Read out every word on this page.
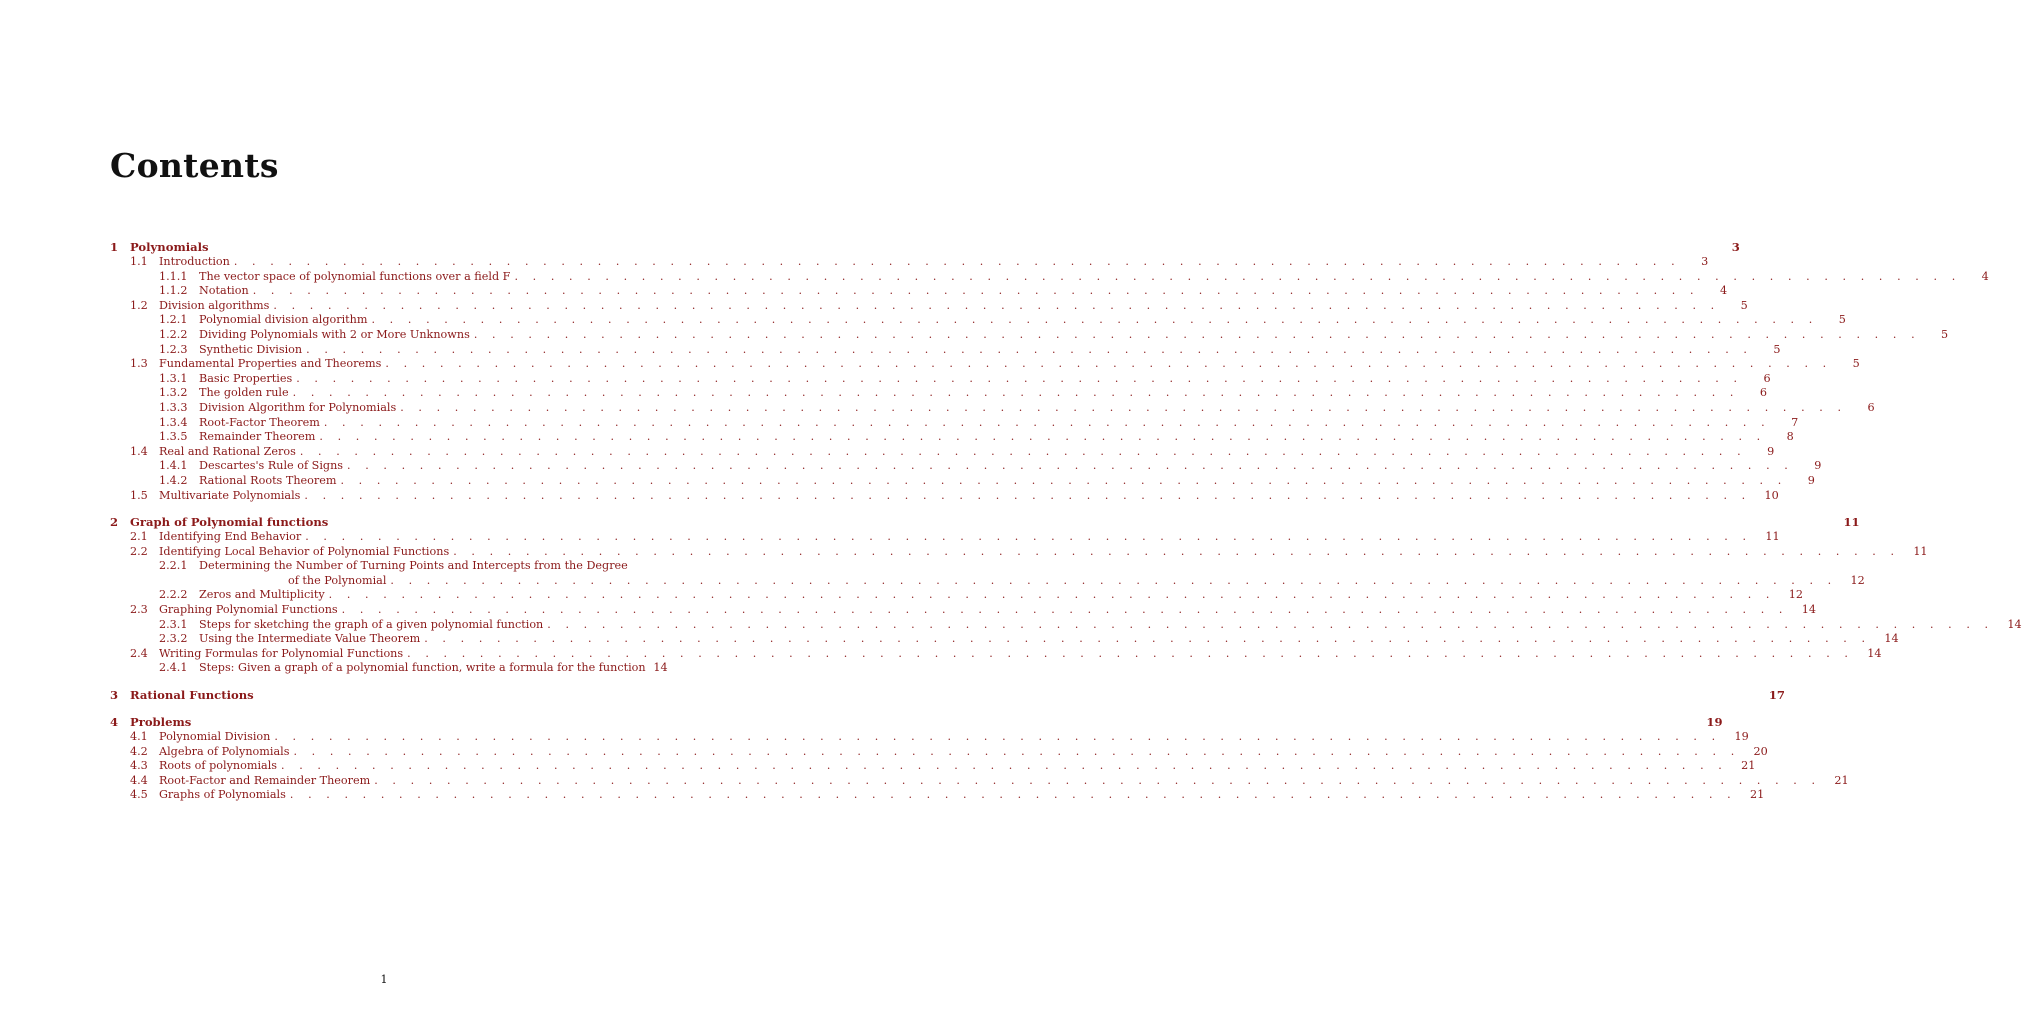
Contents
1	Polynomials	3
1.1	Introduction . . . . . . . . . . . . . . . . . . . . . . . . . . . . . . . . . . . . . . . . . . . . . . . . . . . . . . . . . . . . . . . . . . . . . . . . . . . . . . . .	3
1.1.1	The vector space of polynomial functions over a field F . . . . . . . . . . . . . . . . . . . . . . . . . . . . . . . . . . . . . . . . . . . . . . . . . . . . . . . . . . . . . . . . . . . . . . . . . . . . . . . .	4
1.1.2	Notation . . . . . . . . . . . . . . . . . . . . . . . . . . . . . . . . . . . . . . . . . . . . . . . . . . . . . . . . . . . . . . . . . . . . . . . . . . . . . . . .	4
1.2	Division algorithms . . . . . . . . . . . . . . . . . . . . . . . . . . . . . . . . . . . . . . . . . . . . . . . . . . . . . . . . . . . . . . . . . . . . . . . . . . . . . . . .	5
1.2.1	Polynomial division algorithm . . . . . . . . . . . . . . . . . . . . . . . . . . . . . . . . . . . . . . . . . . . . . . . . . . . . . . . . . . . . . . . . . . . . . . . . . . . . . . . .	5
1.2.2	Dividing Polynomials with 2 or More Unknowns . . . . . . . . . . . . . . . . . . . . . . . . . . . . . . . . . . . . . . . . . . . . . . . . . . . . . . . . . . . . . . . . . . . . . . . . . . . . . . . .	5
1.2.3	Synthetic Division . . . . . . . . . . . . . . . . . . . . . . . . . . . . . . . . . . . . . . . . . . . . . . . . . . . . . . . . . . . . . . . . . . . . . . . . . . . . . . . .	5
1.3	Fundamental Properties and Theorems . . . . . . . . . . . . . . . . . . . . . . . . . . . . . . . . . . . . . . . . . . . . . . . . . . . . . . . . . . . . . . . . . . . . . . . . . . . . . . . .	5
1.3.1	Basic Properties . . . . . . . . . . . . . . . . . . . . . . . . . . . . . . . . . . . . . . . . . . . . . . . . . . . . . . . . . . . . . . . . . . . . . . . . . . . . . . . .	6
1.3.2	The golden rule . . . . . . . . . . . . . . . . . . . . . . . . . . . . . . . . . . . . . . . . . . . . . . . . . . . . . . . . . . . . . . . . . . . . . . . . . . . . . . . .	6
1.3.3	Division Algorithm for Polynomials . . . . . . . . . . . . . . . . . . . . . . . . . . . . . . . . . . . . . . . . . . . . . . . . . . . . . . . . . . . . . . . . . . . . . . . . . . . . . . . .	6
1.3.4	Root-Factor Theorem . . . . . . . . . . . . . . . . . . . . . . . . . . . . . . . . . . . . . . . . . . . . . . . . . . . . . . . . . . . . . . . . . . . . . . . . . . . . . . . .	7
1.3.5	Remainder Theorem . . . . . . . . . . . . . . . . . . . . . . . . . . . . . . . . . . . . . . . . . . . . . . . . . . . . . . . . . . . . . . . . . . . . . . . . . . . . . . . .	8
1.4	Real and Rational Zeros . . . . . . . . . . . . . . . . . . . . . . . . . . . . . . . . . . . . . . . . . . . . . . . . . . . . . . . . . . . . . . . . . . . . . . . . . . . . . . . .	9
1.4.1	Descartes's Rule of Signs . . . . . . . . . . . . . . . . . . . . . . . . . . . . . . . . . . . . . . . . . . . . . . . . . . . . . . . . . . . . . . . . . . . . . . . . . . . . . . . .	9
1.4.2	Rational Roots Theorem . . . . . . . . . . . . . . . . . . . . . . . . . . . . . . . . . . . . . . . . . . . . . . . . . . . . . . . . . . . . . . . . . . . . . . . . . . . . . . . .	9
1.5	Multivariate Polynomials . . . . . . . . . . . . . . . . . . . . . . . . . . . . . . . . . . . . . . . . . . . . . . . . . . . . . . . . . . . . . . . . . . . . . . . . . . . . . . . .	10
2	Graph of Polynomial functions	11
2.1	Identifying End Behavior . . . . . . . . . . . . . . . . . . . . . . . . . . . . . . . . . . . . . . . . . . . . . . . . . . . . . . . . . . . . . . . . . . . . . . . . . . . . . . . .	11
2.2	Identifying Local Behavior of Polynomial Functions . . . . . . . . . . . . . . . . . . . . . . . . . . . . . . . . . . . . . . . . . . . . . . . . . . . . . . . . . . . . . . . . . . . . . . . . . . . . . . . .	11
2.2.1	Determining the Number of Turning Points and Intercepts from the Degree
of the Polynomial . . . . . . . . . . . . . . . . . . . . . . . . . . . . . . . . . . . . . . . . . . . . . . . . . . . . . . . . . . . . . . . . . . . . . . . . . . . . . . . .	12
2.2.2	Zeros and Multiplicity . . . . . . . . . . . . . . . . . . . . . . . . . . . . . . . . . . . . . . . . . . . . . . . . . . . . . . . . . . . . . . . . . . . . . . . . . . . . . . . .	12
2.3	Graphing Polynomial Functions . . . . . . . . . . . . . . . . . . . . . . . . . . . . . . . . . . . . . . . . . . . . . . . . . . . . . . . . . . . . . . . . . . . . . . . . . . . . . . . .	14
2.3.1	Steps for sketching the graph of a given polynomial function . . . . . . . . . . . . . . . . . . . . . . . . . . . . . . . . . . . . . . . . . . . . . . . . . . . . . . . . . . . . . . . . . . . . . . . . . . . . . . . .	14
2.3.2	Using the Intermediate Value Theorem . . . . . . . . . . . . . . . . . . . . . . . . . . . . . . . . . . . . . . . . . . . . . . . . . . . . . . . . . . . . . . . . . . . . . . . . . . . . . . . .	14
2.4	Writing Formulas for Polynomial Functions . . . . . . . . . . . . . . . . . . . . . . . . . . . . . . . . . . . . . . . . . . . . . . . . . . . . . . . . . . . . . . . . . . . . . . . . . . . . . . . .	14
2.4.1	Steps: Given a graph of a polynomial function, write a formula for the function 14
3	Rational Functions	17
4	Problems	19
4.1	Polynomial Division . . . . . . . . . . . . . . . . . . . . . . . . . . . . . . . . . . . . . . . . . . . . . . . . . . . . . . . . . . . . . . . . . . . . . . . . . . . . . . . .	19
4.2	Algebra of Polynomials . . . . . . . . . . . . . . . . . . . . . . . . . . . . . . . . . . . . . . . . . . . . . . . . . . . . . . . . . . . . . . . . . . . . . . . . . . . . . . . .	20
4.3	Roots of polynomials . . . . . . . . . . . . . . . . . . . . . . . . . . . . . . . . . . . . . . . . . . . . . . . . . . . . . . . . . . . . . . . . . . . . . . . . . . . . . . . .	21
4.4	Root-Factor and Remainder Theorem . . . . . . . . . . . . . . . . . . . . . . . . . . . . . . . . . . . . . . . . . . . . . . . . . . . . . . . . . . . . . . . . . . . . . . . . . . . . . . . .	21
4.5	Graphs of Polynomials . . . . . . . . . . . . . . . . . . . . . . . . . . . . . . . . . . . . . . . . . . . . . . . . . . . . . . . . . . . . . . . . . . . . . . . . . . . . . . . .	21
1
